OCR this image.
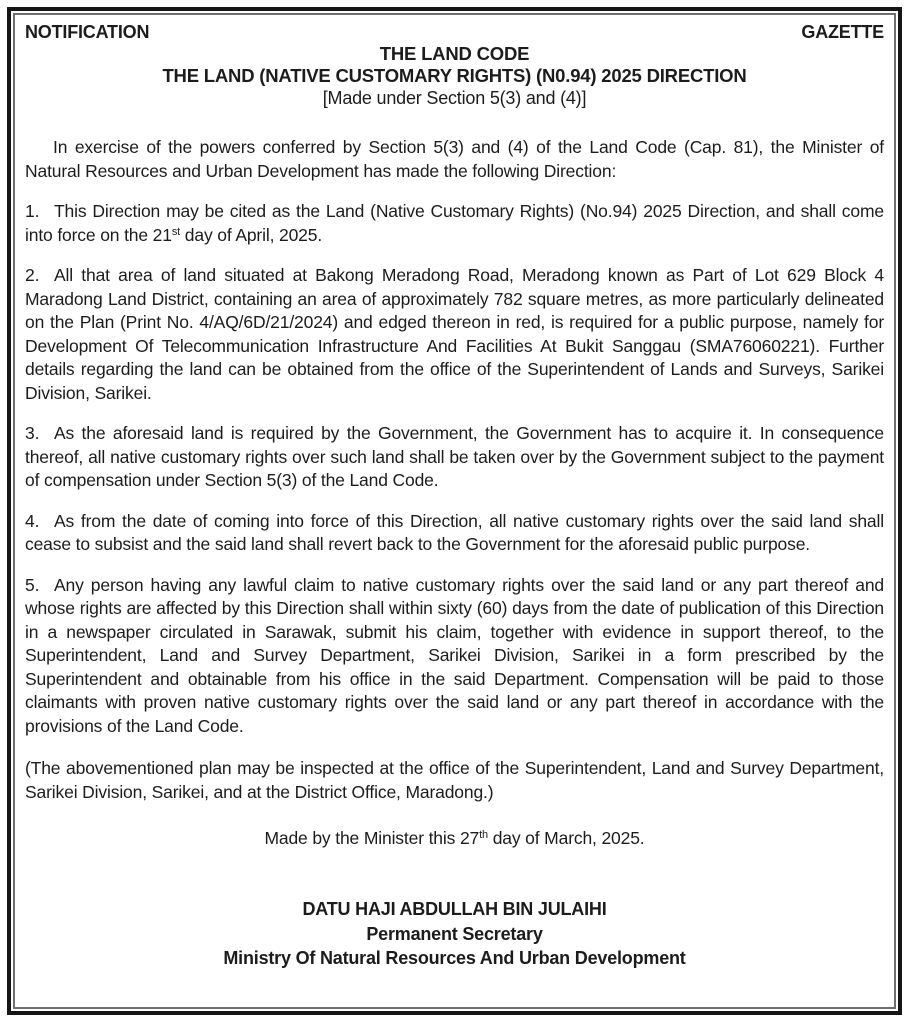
NOTIFICATION	GAZETTE
THE LAND CODE
THE LAND (NATIVE CUSTOMARY RIGHTS) (N0.94) 2025 DIRECTION
[Made under Section 5(3) and (4)]

In exercise of the powers conferred by Section 5(3) and (4) of the Land Code (Cap. 81), the Minister of Natural Resources and Urban Development has made the following Direction:

1. This Direction may be cited as the Land (Native Customary Rights) (No.94) 2025 Direction, and shall come into force on the 21st day of April, 2025.

2. All that area of land situated at Bakong Meradong Road, Meradong known as Part of Lot 629 Block 4 Maradong Land District, containing an area of approximately 782 square metres, as more particularly delineated on the Plan (Print No. 4/AQ/6D/21/2024) and edged thereon in red, is required for a public purpose, namely for Development Of Telecommunication Infrastructure And Facilities At Bukit Sanggau (SMA76060221). Further details regarding the land can be obtained from the office of the Superintendent of Lands and Surveys, Sarikei Division, Sarikei.

3. As the aforesaid land is required by the Government, the Government has to acquire it. In consequence thereof, all native customary rights over such land shall be taken over by the Government subject to the payment of compensation under Section 5(3) of the Land Code.

4. As from the date of coming into force of this Direction, all native customary rights over the said land shall cease to subsist and the said land shall revert back to the Government for the aforesaid public purpose.

5. Any person having any lawful claim to native customary rights over the said land or any part thereof and whose rights are affected by this Direction shall within sixty (60) days from the date of publication of this Direction in a newspaper circulated in Sarawak, submit his claim, together with evidence in support thereof, to the Superintendent, Land and Survey Department, Sarikei Division, Sarikei in a form prescribed by the Superintendent and obtainable from his office in the said Department. Compensation will be paid to those claimants with proven native customary rights over the said land or any part thereof in accordance with the provisions of the Land Code.

(The abovementioned plan may be inspected at the office of the Superintendent, Land and Survey Department, Sarikei Division, Sarikei, and at the District Office, Maradong.)

Made by the Minister this 27th day of March, 2025.

DATU HAJI ABDULLAH BIN JULAIHI
Permanent Secretary
Ministry Of Natural Resources And Urban Development
